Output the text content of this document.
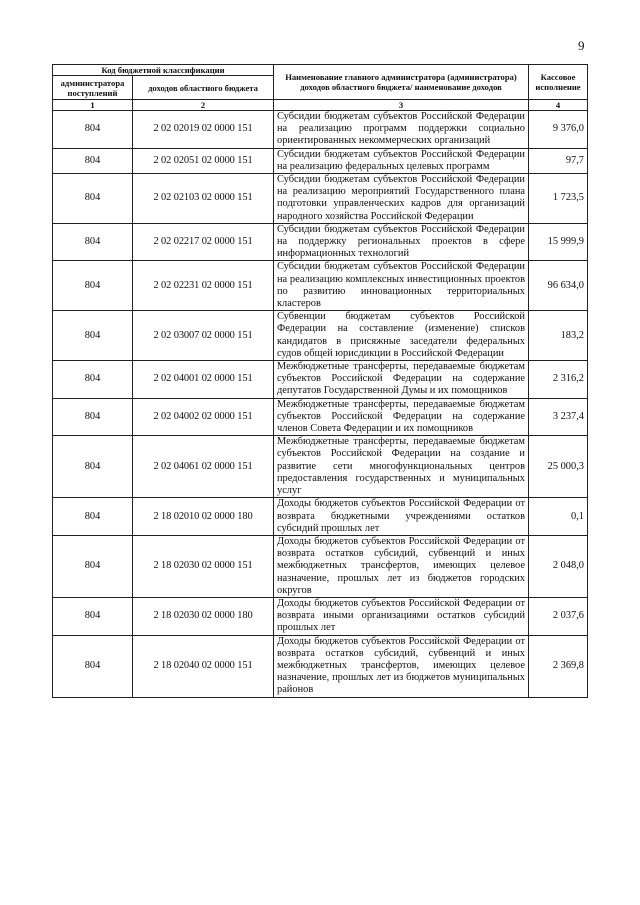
9
Код бюджетной классификации		Наименование главного администратора (администратора) доходов областного бюджета/ наименование доходов	Кассовое исполнение
администратора поступлений	доходов областного бюджета		
1	2	3	4
804	2 02 02019 02 0000 151	Субсидии бюджетам субъектов Российской Федерации на реализацию программ поддержки социально ориентированных некоммерческих организаций	9 376,0
804	2 02 02051 02 0000 151	Субсидии бюджетам субъектов Российской Федерации на реализацию федеральных целевых программ	97,7
804	2 02 02103 02 0000 151	Субсидии бюджетам субъектов Российской Федерации на реализацию мероприятий Государственного плана подготовки управленческих кадров для организаций народного хозяйства Российской Федерации	1 723,5
804	2 02 02217 02 0000 151	Субсидии бюджетам субъектов Российской Федерации на поддержку региональных проектов в сфере информационных технологий	15 999,9
804	2 02 02231 02 0000 151	Субсидии бюджетам субъектов Российской Федерации на реализацию комплексных инвестиционных проектов по развитию инновационных территориальных кластеров	96 634,0
804	2 02 03007 02 0000 151	Субвенции бюджетам субъектов Российской Федерации на составление (изменение) списков кандидатов в присяжные заседатели федеральных судов общей юрисдикции в Российской Федерации	183,2
804	2 02 04001 02 0000 151	Межбюджетные трансферты, передаваемые бюджетам субъектов Российской Федерации на содержание депутатов Государственной Думы и их помощников	2 316,2
804	2 02 04002 02 0000 151	Межбюджетные трансферты, передаваемые бюджетам субъектов Российской Федерации на содержание членов Совета Федерации и их помощников	3 237,4
804	2 02 04061 02 0000 151	Межбюджетные трансферты, передаваемые бюджетам субъектов Российской Федерации на создание и развитие сети многофункциональных центров предоставления государственных и муниципальных услуг	25 000,3
804	2 18 02010 02 0000 180	Доходы бюджетов субъектов Российской Федерации от возврата бюджетными учреждениями остатков субсидий прошлых лет	0,1
804	2 18 02030 02 0000 151	Доходы бюджетов субъектов Российской Федерации от возврата остатков субсидий, субвенций и иных межбюджетных трансфертов, имеющих целевое назначение, прошлых лет из бюджетов городских округов	2 048,0
804	2 18 02030 02 0000 180	Доходы бюджетов субъектов Российской Федерации от возврата иными организациями остатков субсидий прошлых лет	2 037,6
804	2 18 02040 02 0000 151	Доходы бюджетов субъектов Российской Федерации от возврата остатков субсидий, субвенций и иных межбюджетных трансфертов, имеющих целевое назначение, прошлых лет из бюджетов муниципальных районов	2 369,8
